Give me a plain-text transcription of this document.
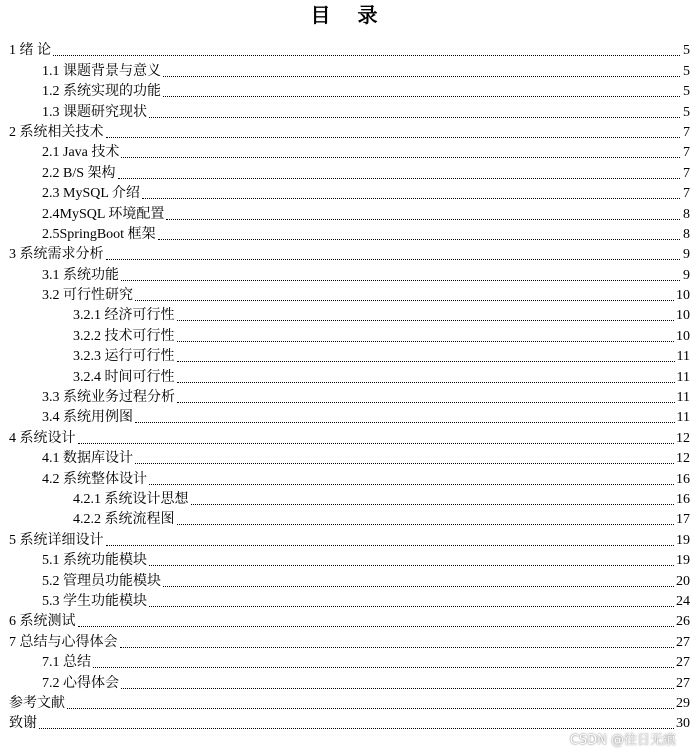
目 录
1 绪 论	5
1.1 课题背景与意义	5
1.2 系统实现的功能	5
1.3 课题研究现状	5
2 系统相关技术	7
2.1 Java 技术	7
2.2 B/S 架构	7
2.3 MySQL 介绍	7
2.4MySQL 环境配置	8
2.5SpringBoot 框架	8
3 系统需求分析	9
3.1 系统功能	9
3.2 可行性研究	10
3.2.1 经济可行性	10
3.2.2 技术可行性	10
3.2.3 运行可行性	11
3.2.4 时间可行性	11
3.3 系统业务过程分析	11
3.4 系统用例图	11
4 系统设计	12
4.1 数据库设计	12
4.2 系统整体设计	16
4.2.1 系统设计思想	16
4.2.2 系统流程图	17
5 系统详细设计	19
5.1 系统功能模块	19
5.2 管理员功能模块	20
5.3 学生功能模块	24
6 系统测试	26
7 总结与心得体会	27
7.1 总结	27
7.2 心得体会	27
参考文献	29
致谢	30
CSDN @往日无痕
